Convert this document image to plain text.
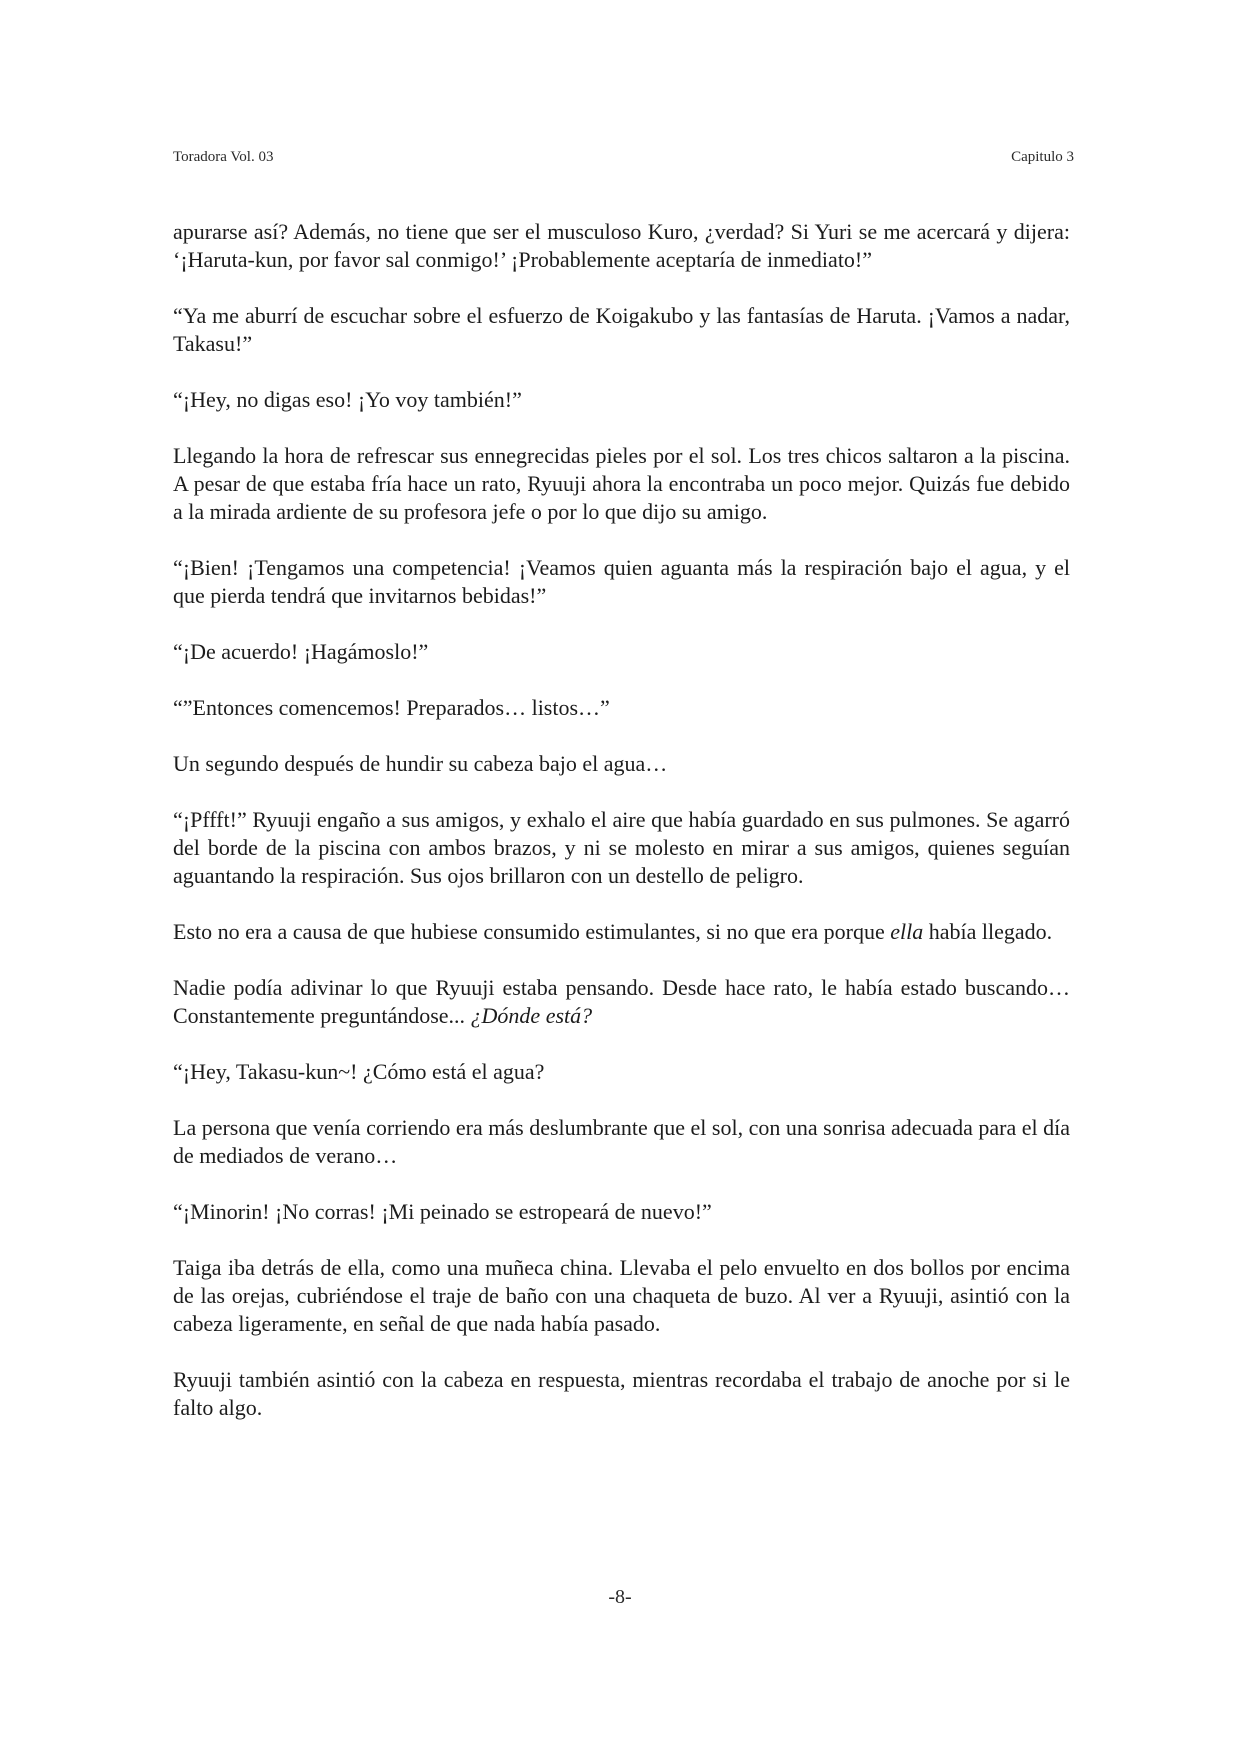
Toradora Vol. 03	Capitulo 3

apurarse así? Además, no tiene que ser el musculoso Kuro, ¿verdad? Si Yuri se me acercará y dijera: ‘¡Haruta-kun, por favor sal conmigo!’ ¡Probablemente aceptaría de inmediato!”

“Ya me aburrí de escuchar sobre el esfuerzo de Koigakubo y las fantasías de Haruta. ¡Vamos a nadar, Takasu!”

“¡Hey, no digas eso! ¡Yo voy también!”

Llegando la hora de refrescar sus ennegrecidas pieles por el sol. Los tres chicos saltaron a la piscina. A pesar de que estaba fría hace un rato, Ryuuji ahora la encontraba un poco mejor. Quizás fue debido a la mirada ardiente de su profesora jefe o por lo que dijo su amigo.

“¡Bien! ¡Tengamos una competencia! ¡Veamos quien aguanta más la respiración bajo el agua, y el que pierda tendrá que invitarnos bebidas!”

“¡De acuerdo! ¡Hagámoslo!”

“”Entonces comencemos! Preparados… listos…”

Un segundo después de hundir su cabeza bajo el agua…

“¡Pffft!” Ryuuji engaño a sus amigos, y exhalo el aire que había guardado en sus pulmones. Se agarró del borde de la piscina con ambos brazos, y ni se molesto en mirar a sus amigos, quienes seguían aguantando la respiración. Sus ojos brillaron con un destello de peligro.

Esto no era a causa de que hubiese consumido estimulantes, si no que era porque ella había llegado.

Nadie podía adivinar lo que Ryuuji estaba pensando. Desde hace rato, le había estado buscando… Constantemente preguntándose... ¿Dónde está?

“¡Hey, Takasu-kun~! ¿Cómo está el agua?

La persona que venía corriendo era más deslumbrante que el sol, con una sonrisa adecuada para el día de mediados de verano…

“¡Minorin! ¡No corras! ¡Mi peinado se estropeará de nuevo!”

Taiga iba detrás de ella, como una muñeca china. Llevaba el pelo envuelto en dos bollos por encima de las orejas, cubriéndose el traje de baño con una chaqueta de buzo. Al ver a Ryuuji, asintió con la cabeza ligeramente, en señal de que nada había pasado.

Ryuuji también asintió con la cabeza en respuesta, mientras recordaba el trabajo de anoche por si le falto algo.

-8-
